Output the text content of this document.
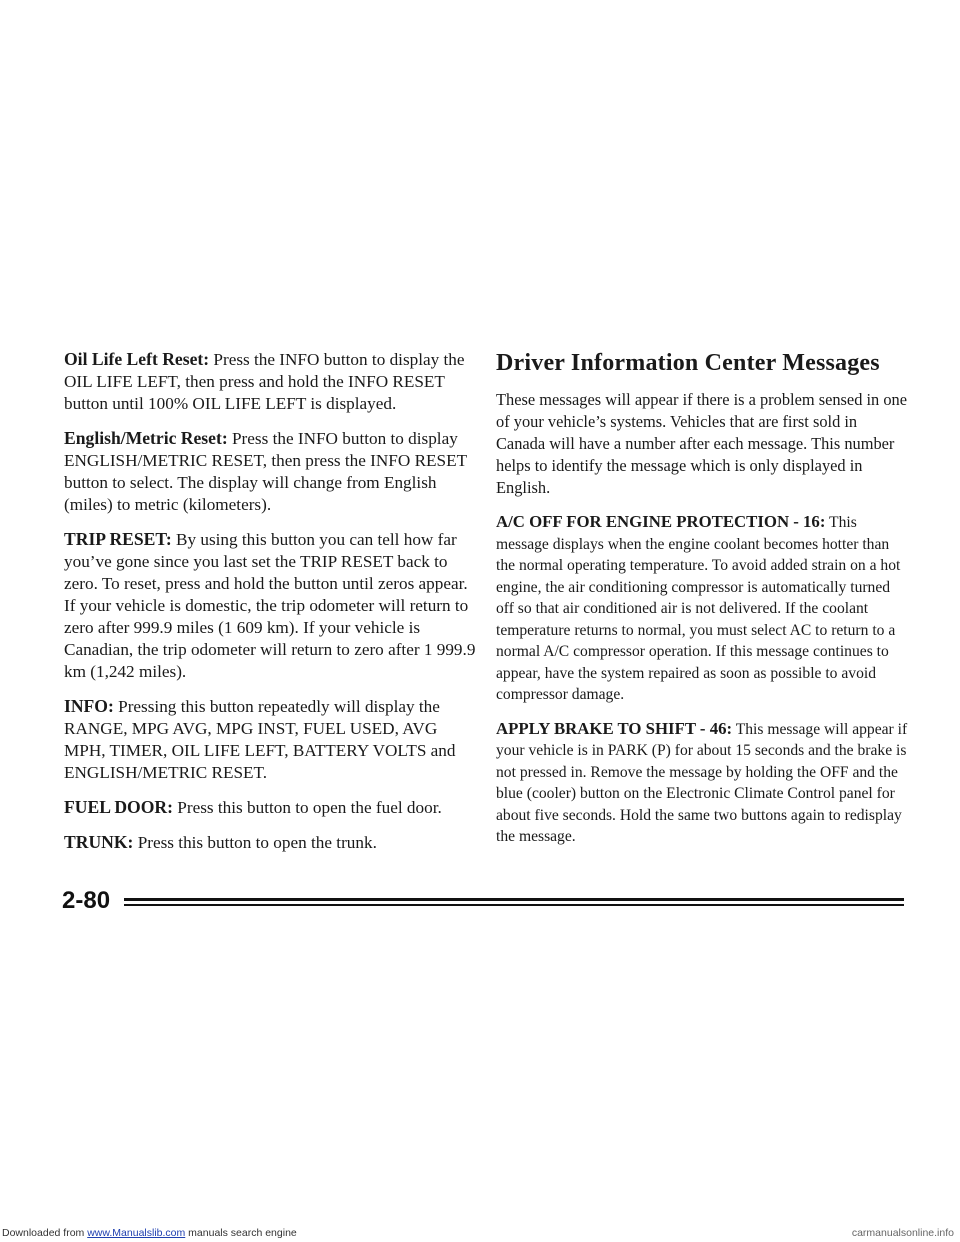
Oil Life Left Reset: Press the INFO button to display the OIL LIFE LEFT, then press and hold the INFO RESET button until 100% OIL LIFE LEFT is displayed.

English/Metric Reset: Press the INFO button to display ENGLISH/METRIC RESET, then press the INFO RESET button to select. The display will change from English (miles) to metric (kilometers).

TRIP RESET: By using this button you can tell how far you’ve gone since you last set the TRIP RESET back to zero. To reset, press and hold the button until zeros appear. If your vehicle is domestic, the trip odometer will return to zero after 999.9 miles (1 609 km). If your vehicle is Canadian, the trip odometer will return to zero after 1 999.9 km (1,242 miles).

INFO: Pressing this button repeatedly will display the RANGE, MPG AVG, MPG INST, FUEL USED, AVG MPH, TIMER, OIL LIFE LEFT, BATTERY VOLTS and ENGLISH/METRIC RESET.

FUEL DOOR: Press this button to open the fuel door.

TRUNK: Press this button to open the trunk.

Driver Information Center Messages

These messages will appear if there is a problem sensed in one of your vehicle’s systems. Vehicles that are first sold in Canada will have a number after each message. This number helps to identify the message which is only displayed in English.

A/C OFF FOR ENGINE PROTECTION - 16: This message displays when the engine coolant becomes hotter than the normal operating temperature. To avoid added strain on a hot engine, the air conditioning compressor is automatically turned off so that air conditioned air is not delivered. If the coolant temperature returns to normal, you must select AC to return to a normal A/C compressor operation. If this message continues to appear, have the system repaired as soon as possible to avoid compressor damage.

APPLY BRAKE TO SHIFT - 46: This message will appear if your vehicle is in PARK (P) for about 15 seconds and the brake is not pressed in. Remove the message by holding the OFF and the blue (cooler) button on the Electronic Climate Control panel for about five seconds. Hold the same two buttons again to redisplay the message.

2-80
Downloaded from www.Manualslib.com manuals search engine	carmanualsonline.info
